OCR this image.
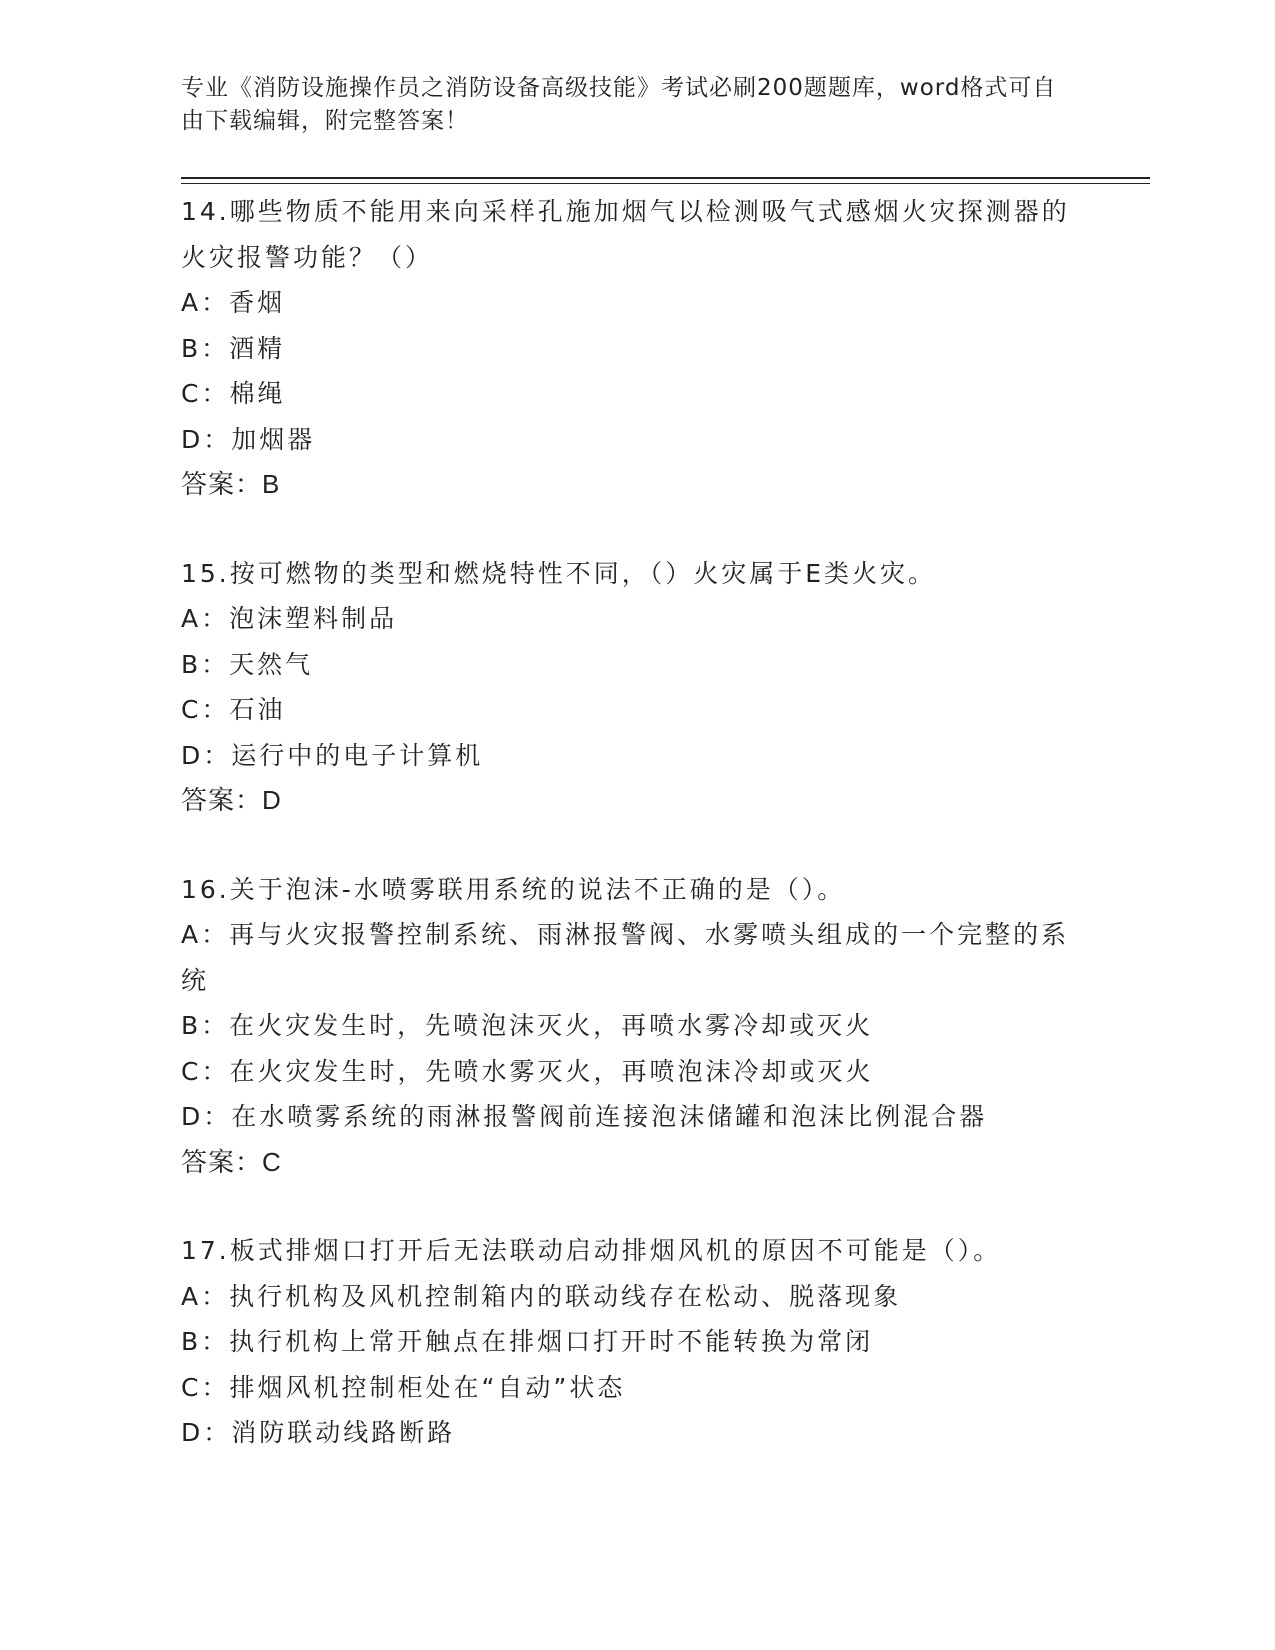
专业《消防设施操作员之消防设备高级技能》考试必刷200题题库，word格式可自由下载编辑，附完整答案！

14.哪些物质不能用来向采样孔施加烟气以检测吸气式感烟火灾探测器的火灾报警功能？（）

A：香烟

B：酒精

C：棉绳

D：加烟器

答案：B

15.按可燃物的类型和燃烧特性不同，（）火灾属于E类火灾。

A：泡沫塑料制品

B：天然气

C：石油

D：运行中的电子计算机

答案：D

16.关于泡沫-水喷雾联用系统的说法不正确的是（）。

A：再与火灾报警控制系统、雨淋报警阀、水雾喷头组成的一个完整的系统

B：在火灾发生时，先喷泡沫灭火，再喷水雾冷却或灭火

C：在火灾发生时，先喷水雾灭火，再喷泡沫冷却或灭火

D：在水喷雾系统的雨淋报警阀前连接泡沫储罐和泡沫比例混合器

答案：C

17.板式排烟口打开后无法联动启动排烟风机的原因不可能是（）。

A：执行机构及风机控制箱内的联动线存在松动、脱落现象

B：执行机构上常开触点在排烟口打开时不能转换为常闭

C：排烟风机控制柜处在“自动”状态

D：消防联动线路断路
